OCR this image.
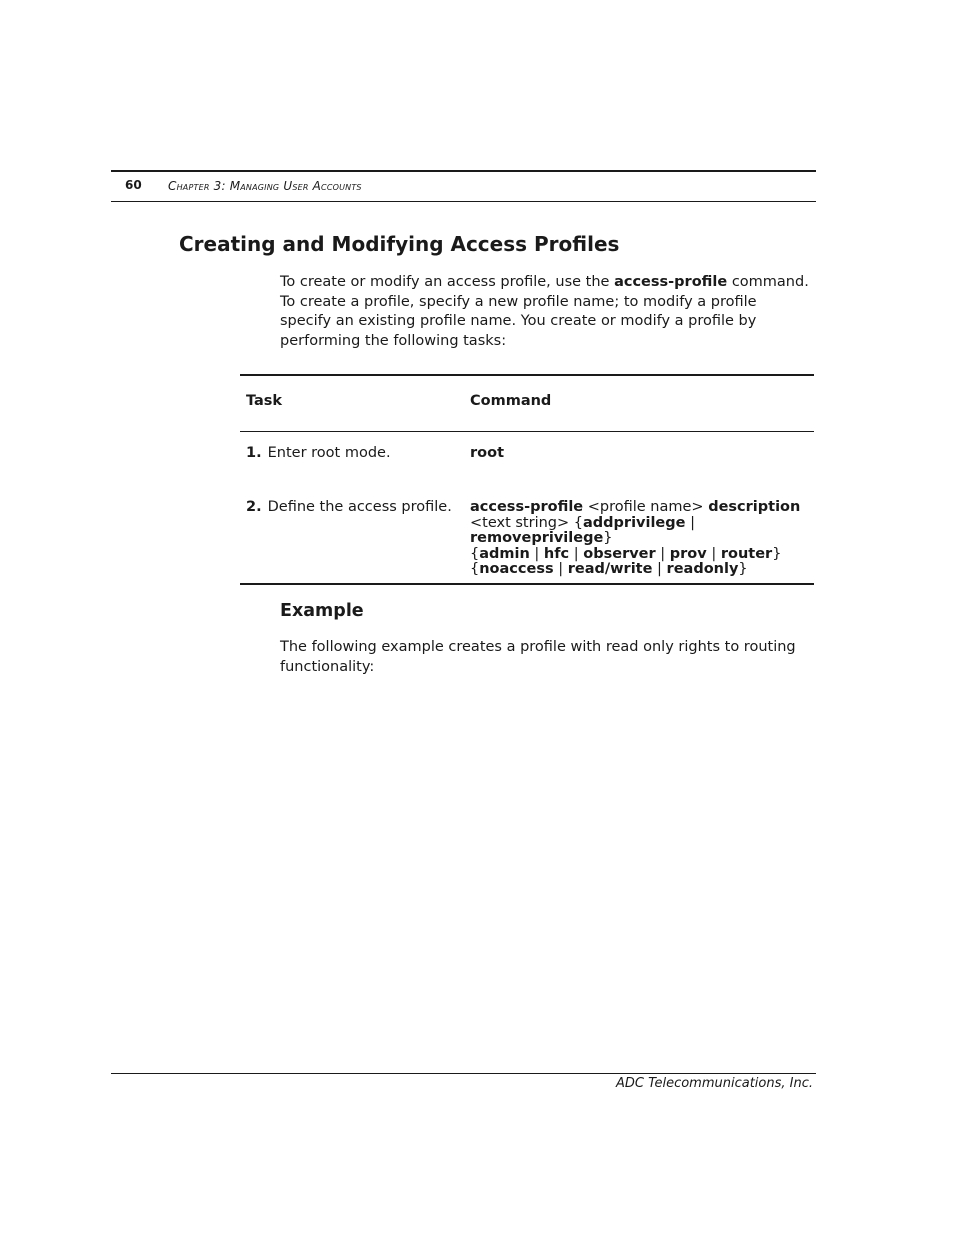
60 Chapter 3: Managing User Accounts
Creating and Modifying Access Profiles

To create or modify an access profile, use the access-profile command. To create a profile, specify a new profile name; to modify a profile specify an existing profile name. You create or modify a profile by performing the following tasks:

Task	Command
1. Enter root mode.	root
2. Define the access profile. access-profile <profile name> description
<text string> {addprivilege | removeprivilege}
{admin | hfc | observer | prov | router}
{noaccess | read/write | readonly}
Example

The following example creates a profile with read only rights to routing functionality:

ADC Telecommunications, Inc.
